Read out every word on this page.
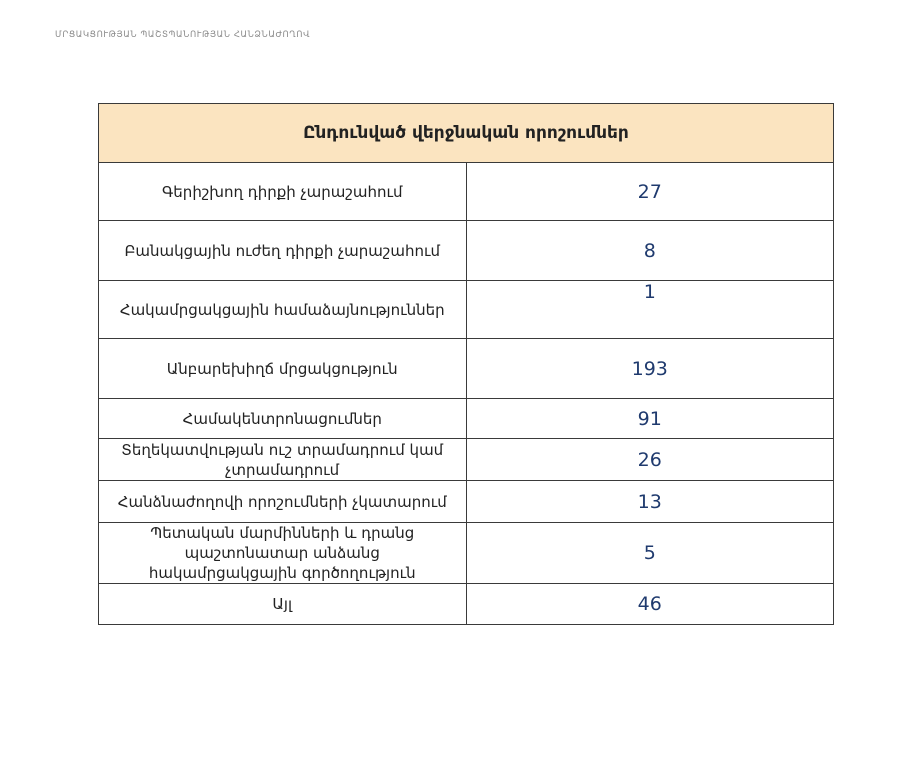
ՄՐՑԱԿՑՈՒԹՅԱՆ ՊԱՇՏՊԱՆՈՒԹՅԱՆ ՀԱՆՁՆԱԺՈՂՈՎ
Ընդունված վերջնական որոշումներ	
Գերիշխող դիրքի չարաշահում	27
Բանակցային ուժեղ դիրքի չարաշահում	8
Հակամրցակցային համաձայնություններ	1
Անբարեխիղճ մրցակցություն	193
Համակենտրոնացումներ	91
Տեղեկատվության ուշ տրամադրում կամ չտրամադրում	26
Հանձնաժողովի որոշումների չկատարում	13
Պետական մարմինների և դրանց պաշտոնատար անձանց հակամրցակցային գործողություն	5
Այլ	46
